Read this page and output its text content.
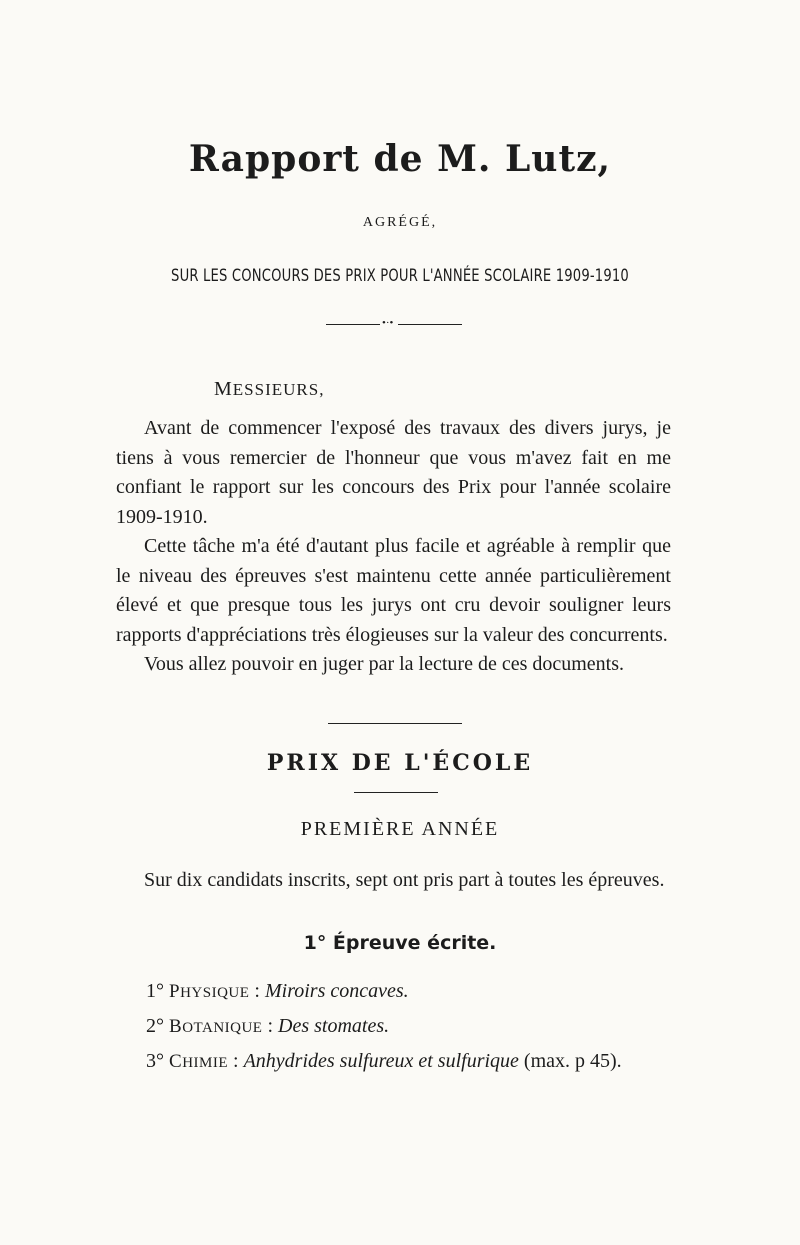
Rapport de M. Lutz,
AGRÉGÉ,
SUR LES CONCOURS DES PRIX POUR L'ANNÉE SCOLAIRE 1909-1910
•·•
MESSIEURS,

Avant de commencer l'exposé des travaux des divers jurys, je tiens à vous remercier de l'honneur que vous m'avez fait en me confiant le rapport sur les concours des Prix pour l'année scolaire 1909-1910.

Cette tâche m'a été d'autant plus facile et agréable à remplir que le niveau des épreuves s'est maintenu cette année particulièrement élevé et que presque tous les jurys ont cru devoir souligner leurs rapports d'appréciations très élogieuses sur la valeur des concurrents.

Vous allez pouvoir en juger par la lecture de ces documents.

PRIX DE L'ÉCOLE
PREMIÈRE ANNÉE

Sur dix candidats inscrits, sept ont pris part à toutes les épreuves.

1° Épreuve écrite.
1° PHYSIQUE : Miroirs concaves.
2° BOTANIQUE : Des stomates.
3° CHIMIE : Anhydrides sulfureux et sulfurique (max. p 45).
